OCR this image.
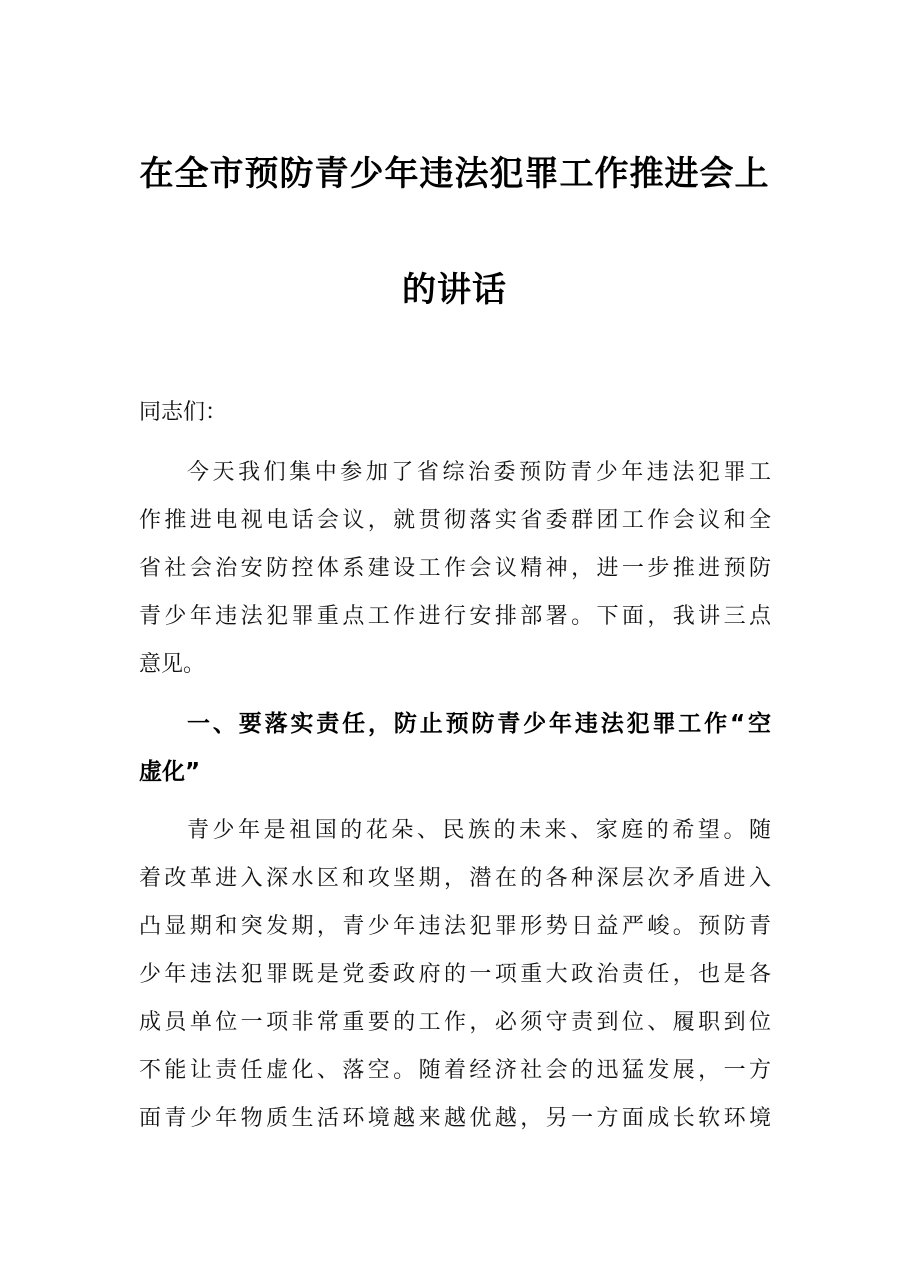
在全市预防青少年违法犯罪工作推进会上
的讲话
同志们：
今天我们集中参加了省综治委预防青少年违法犯罪工
作推进电视电话会议，就贯彻落实省委群团工作会议和全
省社会治安防控体系建设工作会议精神，进一步推进预防
青少年违法犯罪重点工作进行安排部署。下面，我讲三点
意见。
一、要落实责任，防止预防青少年违法犯罪工作“空
虚化”
青少年是祖国的花朵、民族的未来、家庭的希望。随
着改革进入深水区和攻坚期，潜在的各种深层次矛盾进入
凸显期和突发期，青少年违法犯罪形势日益严峻。预防青
少年违法犯罪既是党委政府的一项重大政治责任，也是各
成员单位一项非常重要的工作，必须守责到位、履职到位
不能让责任虚化、落空。随着经济社会的迅猛发展，一方
面青少年物质生活环境越来越优越，另一方面成长软环境
